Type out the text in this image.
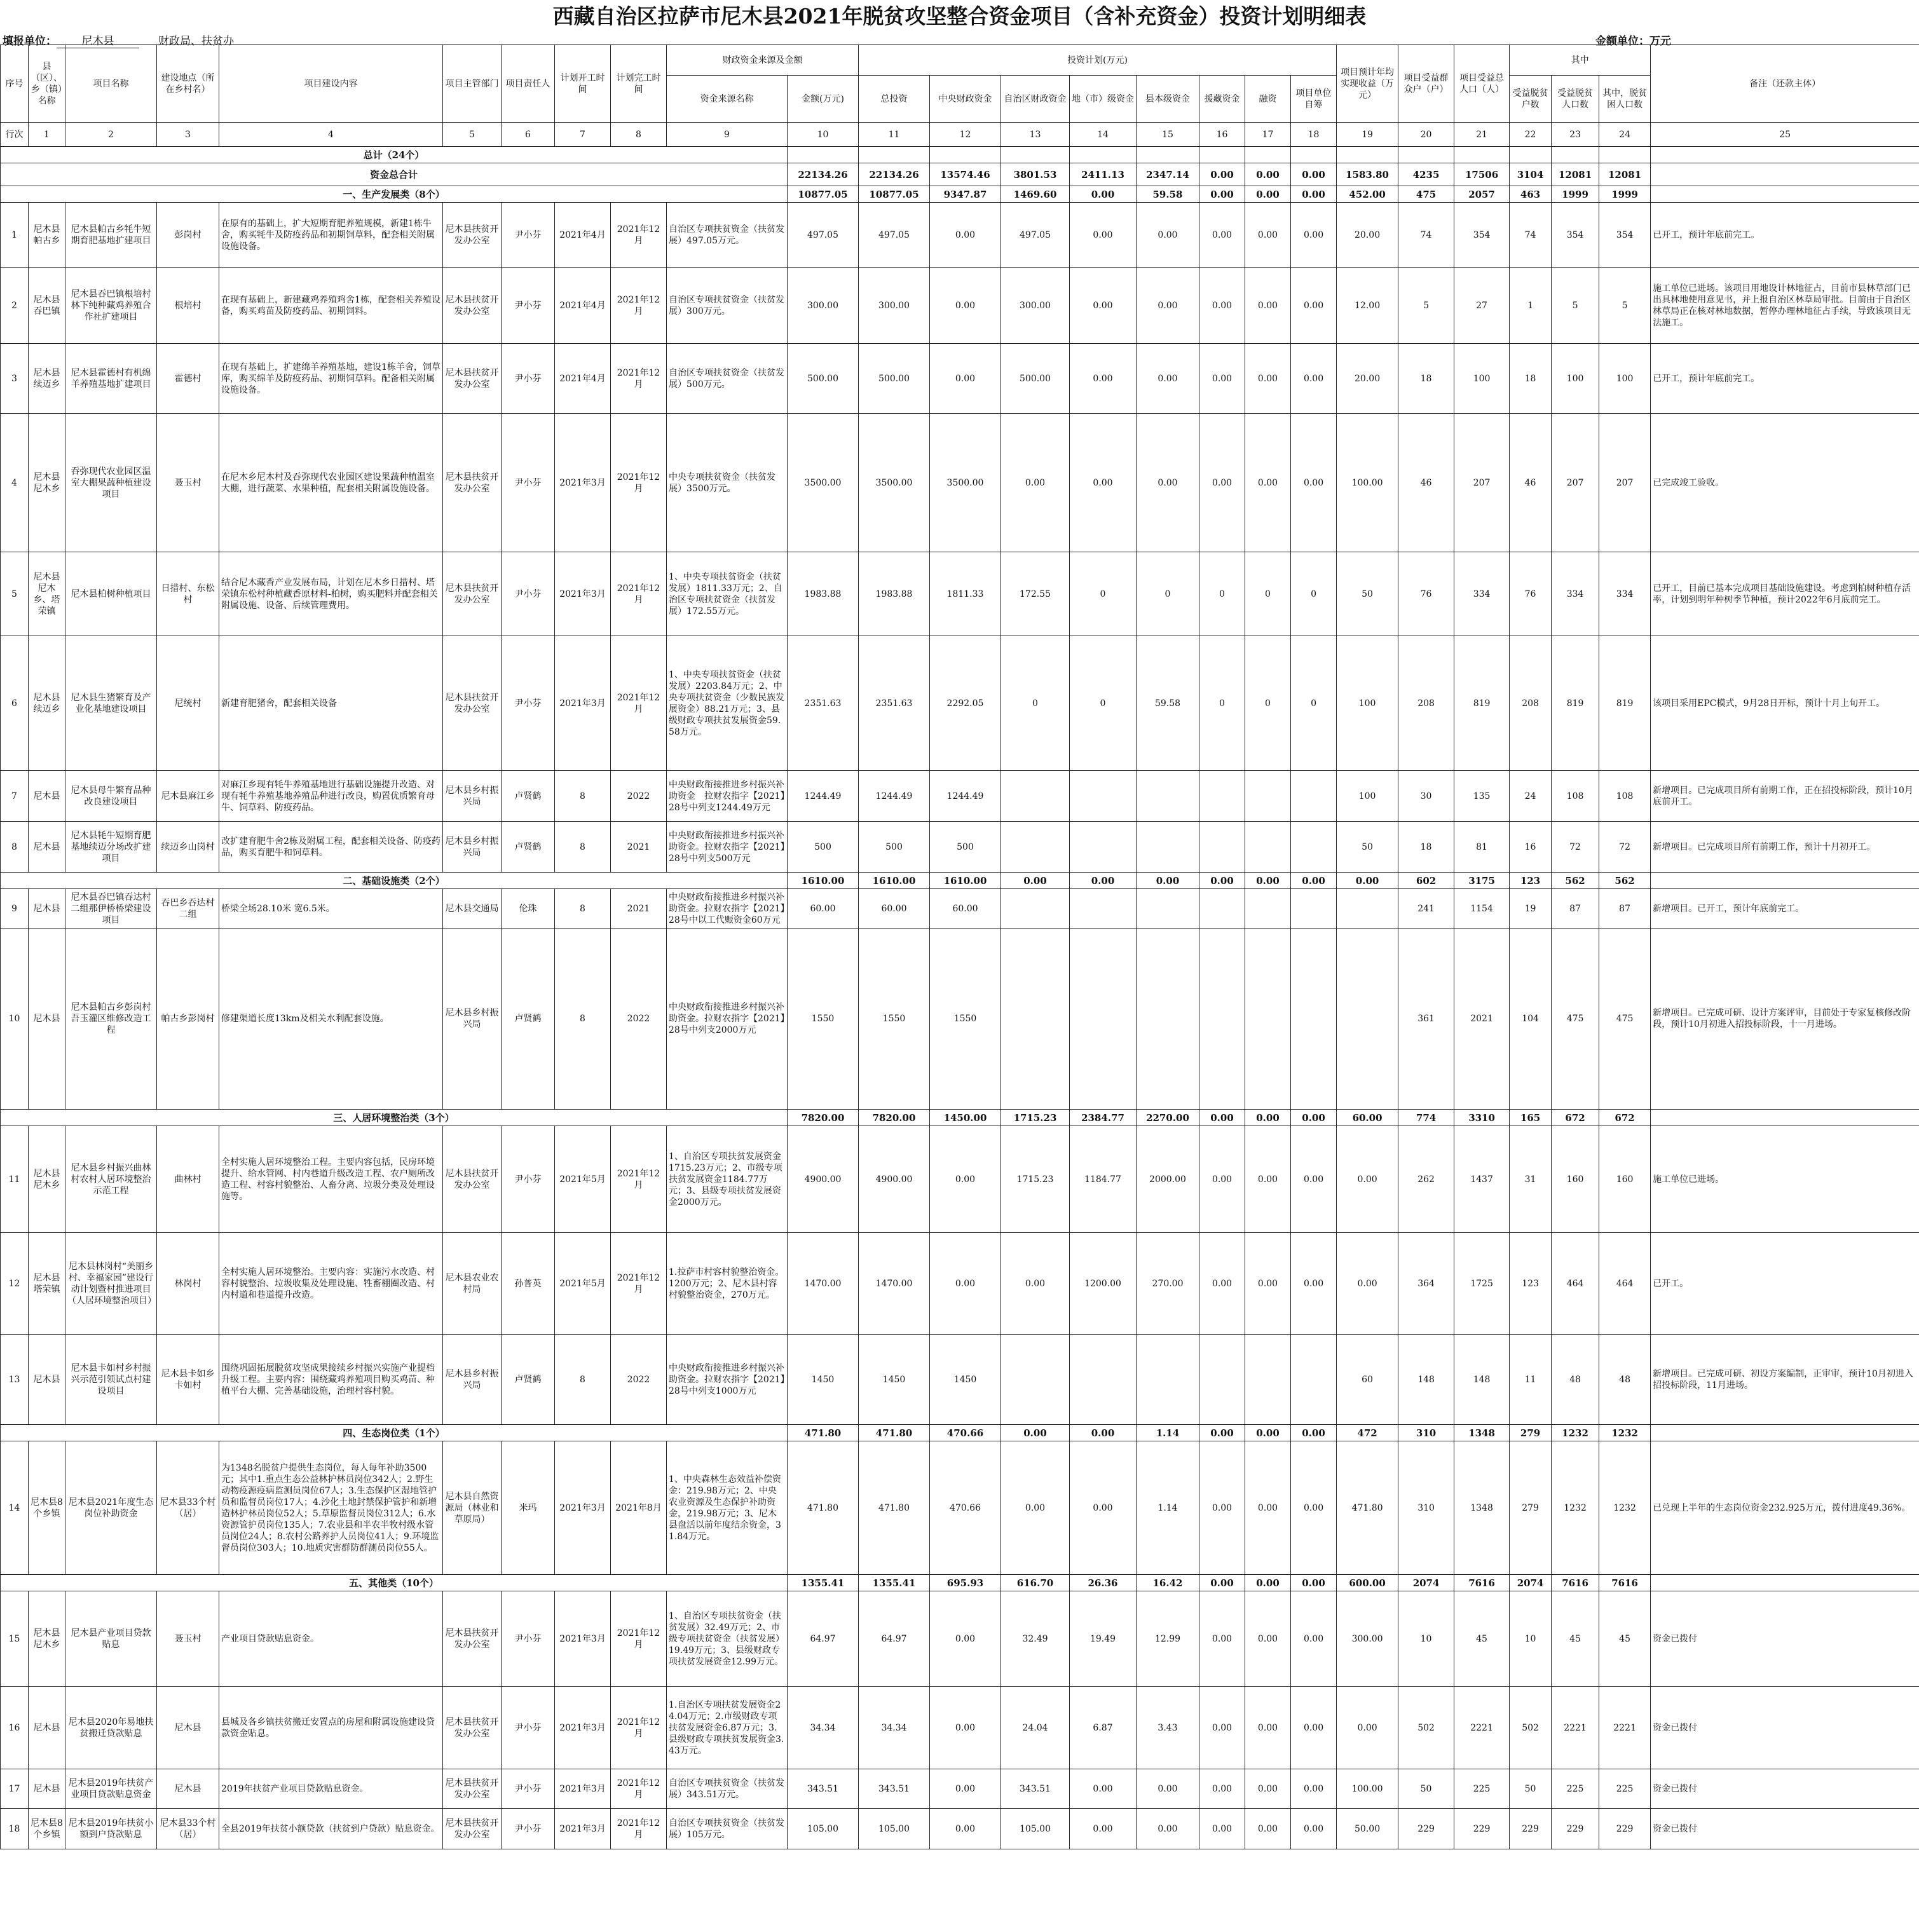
西藏自治区拉萨市尼木县2021年脱贫攻坚整合资金项目（含补充资金）投资计划明细表
填报单位： 尼木县	财政局、扶贫办	金额单位：万元
序号	县（区）、乡（镇）名称	项目名称	建设地点（所在乡村名）	项目建设内容	项目主管部门	项目责任人	计划开工时间	计划完工时间	财政资金来源及金额		投资计划(万元)								项目预计年均实现收益（万元）	项目受益群众户（户）	项目受益总人口（人）	其中			备注（还款主体）
									资金来源名称	金额(万元)	总投资	中央财政资金	自治区财政资金	地（市）级资金	县本级资金	援藏资金	融资	项目单位自筹				受益脱贫户数	受益脱贫人口数	其中，脱贫困人口数	
行次	1	2	3	4	5	6	7	8	9	10	11	12	13	14	15	16	17	18	19	20	21	22	23	24	25
总计（24个）																									
资金总合计										22134.26	22134.26	13574.46	3801.53	2411.13	2347.14	0.00	0.00	0.00	1583.80	4235	17506	3104	12081	12081	
一、生产发展类（8个）										10877.05	10877.05	9347.87	1469.60	0.00	59.58	0.00	0.00	0.00	452.00	475	2057	463	1999	1999	
1	尼木县帕古乡	尼木县帕古乡牦牛短期育肥基地扩建项目	彭岗村	在原有的基础上，扩大短期育肥养殖规模，新建1栋牛舍，购买牦牛及防疫药品和初期饲草料，配套相关附属设施设备。	尼木县扶贫开发办公室	尹小芬	2021年4月	2021年12月	自治区专项扶贫资金（扶贫发展）497.05万元。	497.05	497.05	0.00	497.05	0.00	0.00	0.00	0.00	0.00	20.00	74	354	74	354	354	已开工，预计年底前完工。
2	尼木县吞巴镇	尼木县吞巴镇根培村林下纯种藏鸡养殖合作社扩建项目	根培村	在现有基础上，新建藏鸡养殖鸡舍1栋，配套相关养殖设备，购买鸡苗及防疫药品、初期饲料。	尼木县扶贫开发办公室	尹小芬	2021年4月	2021年12月	自治区专项扶贫资金（扶贫发展）300万元。	300.00	300.00	0.00	300.00	0.00	0.00	0.00	0.00	0.00	12.00	5	27	1	5	5	施工单位已进场。该项目用地设计林地征占，目前市县林草部门已出具林地使用意见书，并上报自治区林草局审批。目前由于自治区林草局正在核对林地数据，暂停办理林地征占手续，导致该项目无法施工。
3	尼木县续迈乡	尼木县霍德村有机绵羊养殖基地扩建项目	霍德村	在现有基础上，扩建绵羊养殖基地，建设1栋羊舍，饲草库，购买绵羊及防疫药品、初期饲草料。配备相关附属设施设备。	尼木县扶贫开发办公室	尹小芬	2021年4月	2021年12月	自治区专项扶贫资金（扶贫发展）500万元。	500.00	500.00	0.00	500.00	0.00	0.00	0.00	0.00	0.00	20.00	18	100	18	100	100	已开工，预计年底前完工。
4	尼木县尼木乡	吞弥现代农业园区温室大棚果蔬种植建设项目	聂玉村	在尼木乡尼木村及吞弥现代农业园区建设果蔬种植温室大棚，进行蔬菜、水果种植，配套相关附属设施设备。	尼木县扶贫开发办公室	尹小芬	2021年3月	2021年12月	中央专项扶贫资金（扶贫发展）3500万元。	3500.00	3500.00	3500.00	0.00	0.00	0.00	0.00	0.00	0.00	100.00	46	207	46	207	207	已完成竣工验收。
5	尼木县尼木乡、塔荣镇	尼木县柏树种植项目	日措村、东松村	结合尼木藏香产业发展布局，计划在尼木乡日措村、塔荣镇东松村种植藏香原材料-柏树，购买肥料并配套相关附属设施、设备、后续管理费用。	尼木县扶贫开发办公室	尹小芬	2021年3月	2021年12月	1、中央专项扶贫资金（扶贫发展）1811.33万元；2、自治区专项扶贫资金（扶贫发展）172.55万元。	1983.88	1983.88	1811.33	172.55	0	0	0	0	0	50	76	334	76	334	334	已开工，目前已基本完成项目基础设施建设。考虑到柏树种植存活率，计划到明年种树季节种植，预计2022年6月底前完工。
6	尼木县续迈乡	尼木县生猪繁育及产业化基地建设项目	尼统村	新建育肥猪舍，配套相关设备	尼木县扶贫开发办公室	尹小芬	2021年3月	2021年12月	1、中央专项扶贫资金（扶贫发展）2203.84万元；2、中央专项扶贫资金（少数民族发展资金）88.21万元；3、县级财政专项扶贫发展资金59.58万元。	2351.63	2351.63	2292.05	0	0	59.58	0	0	0	100	208	819	208	819	819	该项目采用EPC模式，9月28日开标，预计十月上旬开工。
7	尼木县	尼木县母牛繁育品种改良建设项目	尼木县麻江乡	对麻江乡现有牦牛养殖基地进行基础设施提升改造、对现有牦牛养殖基地养殖品种进行改良，购置优质繁育母牛、饲草料、防疫药品。	尼木县乡村振兴局	卢贤鹤	8	2022	中央财政衔接推进乡村振兴补助资金　拉财农指字【2021】28号中列支1244.49万元	1244.49	1244.49	1244.49							100	30	135	24	108	108	新增项目。已完成项目所有前期工作，正在招投标阶段，预计10月底前开工。
8	尼木县	尼木县牦牛短期育肥基地续迈分场改扩建项目	续迈乡山岗村	改扩建育肥牛舍2栋及附属工程，配套相关设备、防疫药品，购买育肥牛和饲草料。	尼木县乡村振兴局	卢贤鹤	8	2021	中央财政衔接推进乡村振兴补助资金。拉财农指字【2021】28号中列支500万元	500	500	500							50	18	81	16	72	72	新增项目。已完成项目所有前期工作，预计十月初开工。
二、基础设施类（2个）										1610.00	1610.00	1610.00	0.00	0.00	0.00	0.00	0.00	0.00	0.00	602	3175	123	562	562	
9	尼木县	尼木县吞巴镇吞达村二组那伊桥桥梁建设项目	吞巴乡吞达村二组	桥梁全场28.10米 宽6.5米。	尼木县交通局	伦珠	8	2021	中央财政衔接推进乡村振兴补助资金。拉财农指字【2021】28号中以工代赈资金60万元	60.00	60.00	60.00								241	1154	19	87	87	新增项目。已开工，预计年底前完工。
10	尼木县	尼木县帕古乡彭岗村吾玉灌区维修改造工程	帕古乡彭岗村	修建渠道长度13km及相关水利配套设施。	尼木县乡村振兴局	卢贤鹤	8	2022	中央财政衔接推进乡村振兴补助资金。拉财农指字【2021】28号中列支2000万元	1550	1550	1550								361	2021	104	475	475	新增项目。已完成可研、设计方案评审，目前处于专家复核修改阶段，预计10月初进入招投标阶段，十一月进场。
三、人居环境整治类（3个）										7820.00	7820.00	1450.00	1715.23	2384.77	2270.00	0.00	0.00	0.00	60.00	774	3310	165	672	672	
11	尼木县尼木乡	尼木县乡村振兴曲林村农村人居环境整治示范工程	曲林村	全村实施人居环境整治工程。主要内容包括，民房环境提升、给水管网、村内巷道升级改造工程、农户厕所改造工程、村容村貌整治、人畜分离、垃圾分类及处理设施等。	尼木县扶贫开发办公室	尹小芬	2021年5月	2021年12月	1、自治区专项扶贫发展资金1715.23万元；2、市级专项扶贫发展资金1184.77万元；3、县级专项扶贫发展资金2000万元。	4900.00	4900.00	0.00	1715.23	1184.77	2000.00	0.00	0.00	0.00	0.00	262	1437	31	160	160	施工单位已进场。
12	尼木县塔荣镇	尼木县林岗村“美丽乡村、幸福家园”建设行动计划暨村推进项目（人居环境整治项目）	林岗村	全村实施人居环境整治。主要内容：实施污水改造、村容村貌整治、垃圾收集及处理设施、牲畜棚圈改造、村内村道和巷道提升改造。	尼木县农业农村局	孙普英	2021年5月	2021年12月	1.拉萨市村容村貌整治资金。1200万元；2、尼木县村容村貌整治资金，270万元。	1470.00	1470.00	0.00	0.00	1200.00	270.00	0.00	0.00	0.00	0.00	364	1725	123	464	464	已开工。
13	尼木县	尼木县卡如村乡村振兴示范引领试点村建设项目	尼木县卡如乡卡如村	围绕巩固拓展脱贫攻坚成果接续乡村振兴实施产业提档升级工程。主要内容：围绕藏鸡养殖项目购买鸡苗、种植平台大棚、完善基础设施，治理村容村貌。	尼木县乡村振兴局	卢贤鹤	8	2022	中央财政衔接推进乡村振兴补助资金。拉财农指字【2021】28号中列支1000万元	1450	1450	1450							60	148	148	11	48	48	新增项目。已完成可研、初设方案编制，正审审，预计10月初进入招投标阶段，11月进场。
四、生态岗位类（1个）										471.80	471.80	470.66	0.00	0.00	1.14	0.00	0.00	0.00	472	310	1348	279	1232	1232	
14	尼木县8个乡镇	尼木县2021年度生态岗位补助资金	尼木县33个村（居）	为1348名脱贫户提供生态岗位，每人每年补助3500元；其中1.重点生态公益林护林员岗位342人；2.野生动物疫源疫病监测员岗位67人；3.生态保护区湿地管护员和监督员岗位17人；4.沙化土地封禁保护管护和新增造林护林员岗位52人；5.草原监督员岗位312人；6.水资源管护员岗位135人；7.农业县和半农半牧村级水管员岗位24人；8.农村公路养护人员岗位41人；9.环境监督员岗位303人；10.地质灾害群防群测员岗位55人。	尼木县自然资源局（林业和草原局）	米玛	2021年3月	2021年8月	1、中央森林生态效益补偿资金：219.98万元；2、中央农业资源及生态保护补助资金，219.98万元；3、尼木县盘活以前年度结余资金，31.84万元。	471.80	471.80	470.66	0.00	0.00	1.14	0.00	0.00	0.00	471.80	310	1348	279	1232	1232	已兑现上半年的生态岗位资金232.925万元，拨付进度49.36%。
五、其他类（10个）										1355.41	1355.41	695.93	616.70	26.36	16.42	0.00	0.00	0.00	600.00	2074	7616	2074	7616	7616	
15	尼木县尼木乡	尼木县产业项目贷款贴息	聂玉村	产业项目贷款贴息资金。	尼木县扶贫开发办公室	尹小芬	2021年3月	2021年12月	1、自治区专项扶贫资金（扶贫发展）32.49万元；2、市级专项扶贫资金（扶贫发展）19.49万元；3、县级财政专项扶贫发展资金12.99万元。	64.97	64.97	0.00	32.49	19.49	12.99	0.00	0.00	0.00	300.00	10	45	10	45	45	资金已拨付
16	尼木县	尼木县2020年易地扶贫搬迁贷款贴息	尼木县	县城及各乡镇扶贫搬迁安置点的房屋和附属设施建设贷款资金贴息。	尼木县扶贫开发办公室	尹小芬	2021年3月	2021年12月	1.自治区专项扶贫发展资金24.04万元；2.市级财政专项扶贫发展资金6.87万元；3.县级财政专项扶贫发展资金3.43万元。	34.34	34.34	0.00	24.04	6.87	3.43	0.00	0.00	0.00	0.00	502	2221	502	2221	2221	资金已拨付
17	尼木县	尼木县2019年扶贫产业项目贷款贴息资金	尼木县	2019年扶贫产业项目贷款贴息资金。	尼木县扶贫开发办公室	尹小芬	2021年3月	2021年12月	自治区专项扶贫资金（扶贫发展）343.51万元。	343.51	343.51	0.00	343.51	0.00	0.00	0.00	0.00	0.00	100.00	50	225	50	225	225	资金已拨付
18	尼木县8个乡镇	尼木县2019年扶贫小额到户贷款贴息	尼木县33个村（居）	全县2019年扶贫小额贷款（扶贫到户贷款）贴息资金。	尼木县扶贫开发办公室	尹小芬	2021年3月	2021年12月	自治区专项扶贫资金（扶贫发展）105万元。	105.00	105.00	0.00	105.00	0.00	0.00	0.00	0.00	0.00	50.00	229	229	229	229	229	资金已拨付
